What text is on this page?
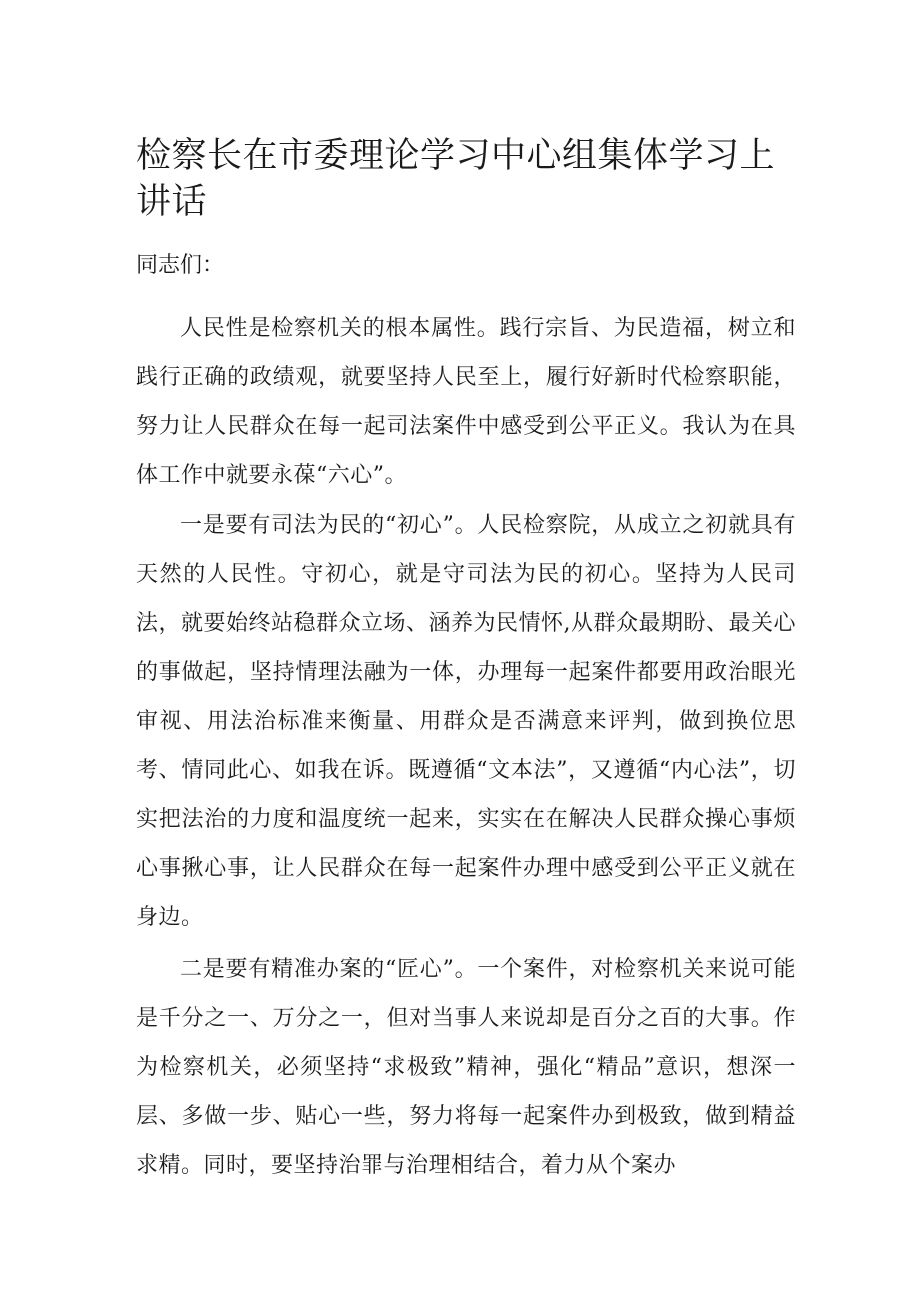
检察长在市委理论学习中心组集体学习上讲话

同志们：

人民性是检察机关的根本属性。践行宗旨、为民造福，树立和践行正确的政绩观，就要坚持人民至上，履行好新时代检察职能，努力让人民群众在每一起司法案件中感受到公平正义。我认为在具体工作中就要永葆“六心”。

一是要有司法为民的“初心”。人民检察院，从成立之初就具有天然的人民性。守初心，就是守司法为民的初心。坚持为人民司法，就要始终站稳群众立场、涵养为民情怀,从群众最期盼、最关心的事做起，坚持情理法融为一体，办理每一起案件都要用政治眼光审视、用法治标准来衡量、用群众是否满意来评判，做到换位思考、情同此心、如我在诉。既遵循“文本法”，又遵循“内心法”，切实把法治的力度和温度统一起来，实实在在解决人民群众操心事烦心事揪心事，让人民群众在每一起案件办理中感受到公平正义就在身边。

二是要有精准办案的“匠心”。一个案件，对检察机关来说可能是千分之一、万分之一，但对当事人来说却是百分之百的大事。作为检察机关，必须坚持“求极致”精神，强化“精品”意识，想深一层、多做一步、贴心一些，努力将每一起案件办到极致，做到精益求精。同时，要坚持治罪与治理相结合，着力从个案办
